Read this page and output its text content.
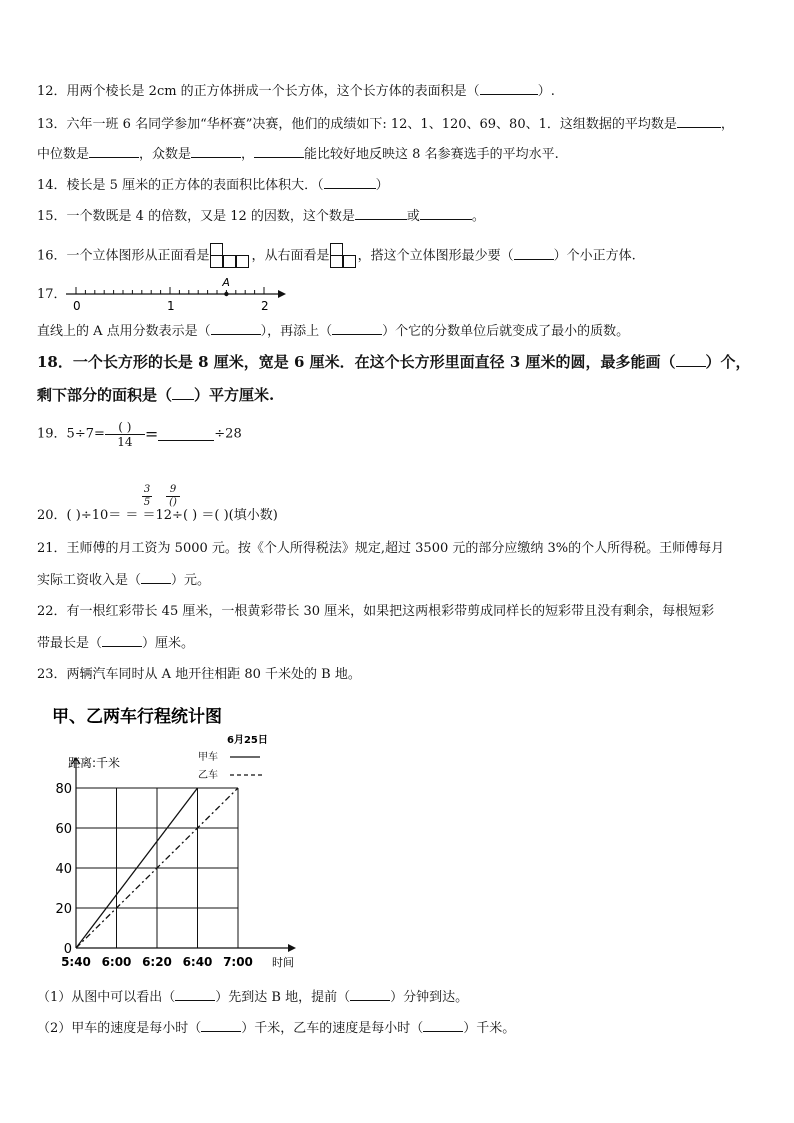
12．用两个棱长是 2cm 的正方体拼成一个长方体，这个长方体的表面积是（	）.
13．六年一班 6 名同学参加“华杯赛”决赛，他们的成绩如下: 12、1、120、69、80、1．这组数据的平均数是	，
中位数是	，众数是	，	能比较好地反映这 8 名参赛选手的平均水平.
14．棱长是 5 厘米的正方体的表面积比体积大．（	）
15．一个数既是 4 的倍数，又是 12 的因数，这个数是	或	。
16．一个立体图形从正面看是	，从右面看是 ，搭这个立体图形最少要（	）个小正方体.
17．
A
0	1	2
直线上的 A 点用分数表示是（	），再添上（	）个它的分数单位后就变成了最小的质数。
18．一个长方形的长是 8 厘米，宽是 6 厘米．在这个长方形里面直径 3 厘米的圆，最多能画（ ）个，
剩下部分的面积是（ ）平方厘米.
19．$5\div 7= \frac{( )}{14}$ =	÷28
20．( )÷10＝ ＝ ＝12÷( ) ＝( )(填小数)
3
5
9
()
21．王师傅的月工资为 5000 元。按《个人所得税法》规定,超过 3500 元的部分应缴纳 3%的个人所得税。王师傅每月
实际工资收入是（ ）元。
22．有一根红彩带长 45 厘米，一根黄彩带长 30 厘米，如果把这两根彩带剪成同样长的短彩带且没有剩余，每根短彩
带最长是（	）厘米。
23．两辆汽车同时从 A 地开往相距 80 千米处的 B 地。
甲、乙两车行程统计图
6月25日
距离:千米	甲车
乙车
0
20
40
60
80
5:40 6:00 6:20 6:40 7:00 时间
（1）从图中可以看出（	）先到达 B 地，提前（	）分钟到达。
（2）甲车的速度是每小时（	）千米，乙车的速度是每小时（	）千米。
